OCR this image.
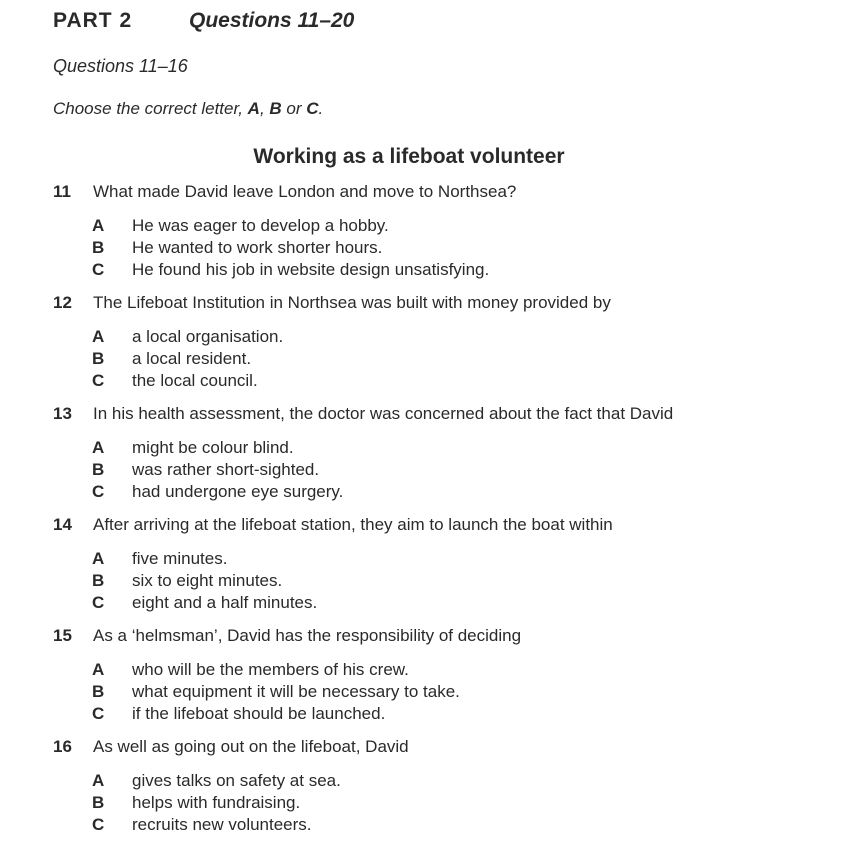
PART 2	Questions 11–20
Questions 11–16
Choose the correct letter, A, B or C.
Working as a lifeboat volunteer
11 What made David leave London and move to Northsea?
A He was eager to develop a hobby.
B He wanted to work shorter hours.
C He found his job in website design unsatisfying.
12 The Lifeboat Institution in Northsea was built with money provided by
A a local organisation.
B a local resident.
C the local council.
13 In his health assessment, the doctor was concerned about the fact that David
A might be colour blind.
B was rather short-sighted.
C had undergone eye surgery.
14 After arriving at the lifeboat station, they aim to launch the boat within
A five minutes.
B six to eight minutes.
C eight and a half minutes.
15 As a ‘helmsman’, David has the responsibility of deciding
A who will be the members of his crew.
B what equipment it will be necessary to take.
C if the lifeboat should be launched.
16 As well as going out on the lifeboat, David
A gives talks on safety at sea.
B helps with fundraising.
C recruits new volunteers.
